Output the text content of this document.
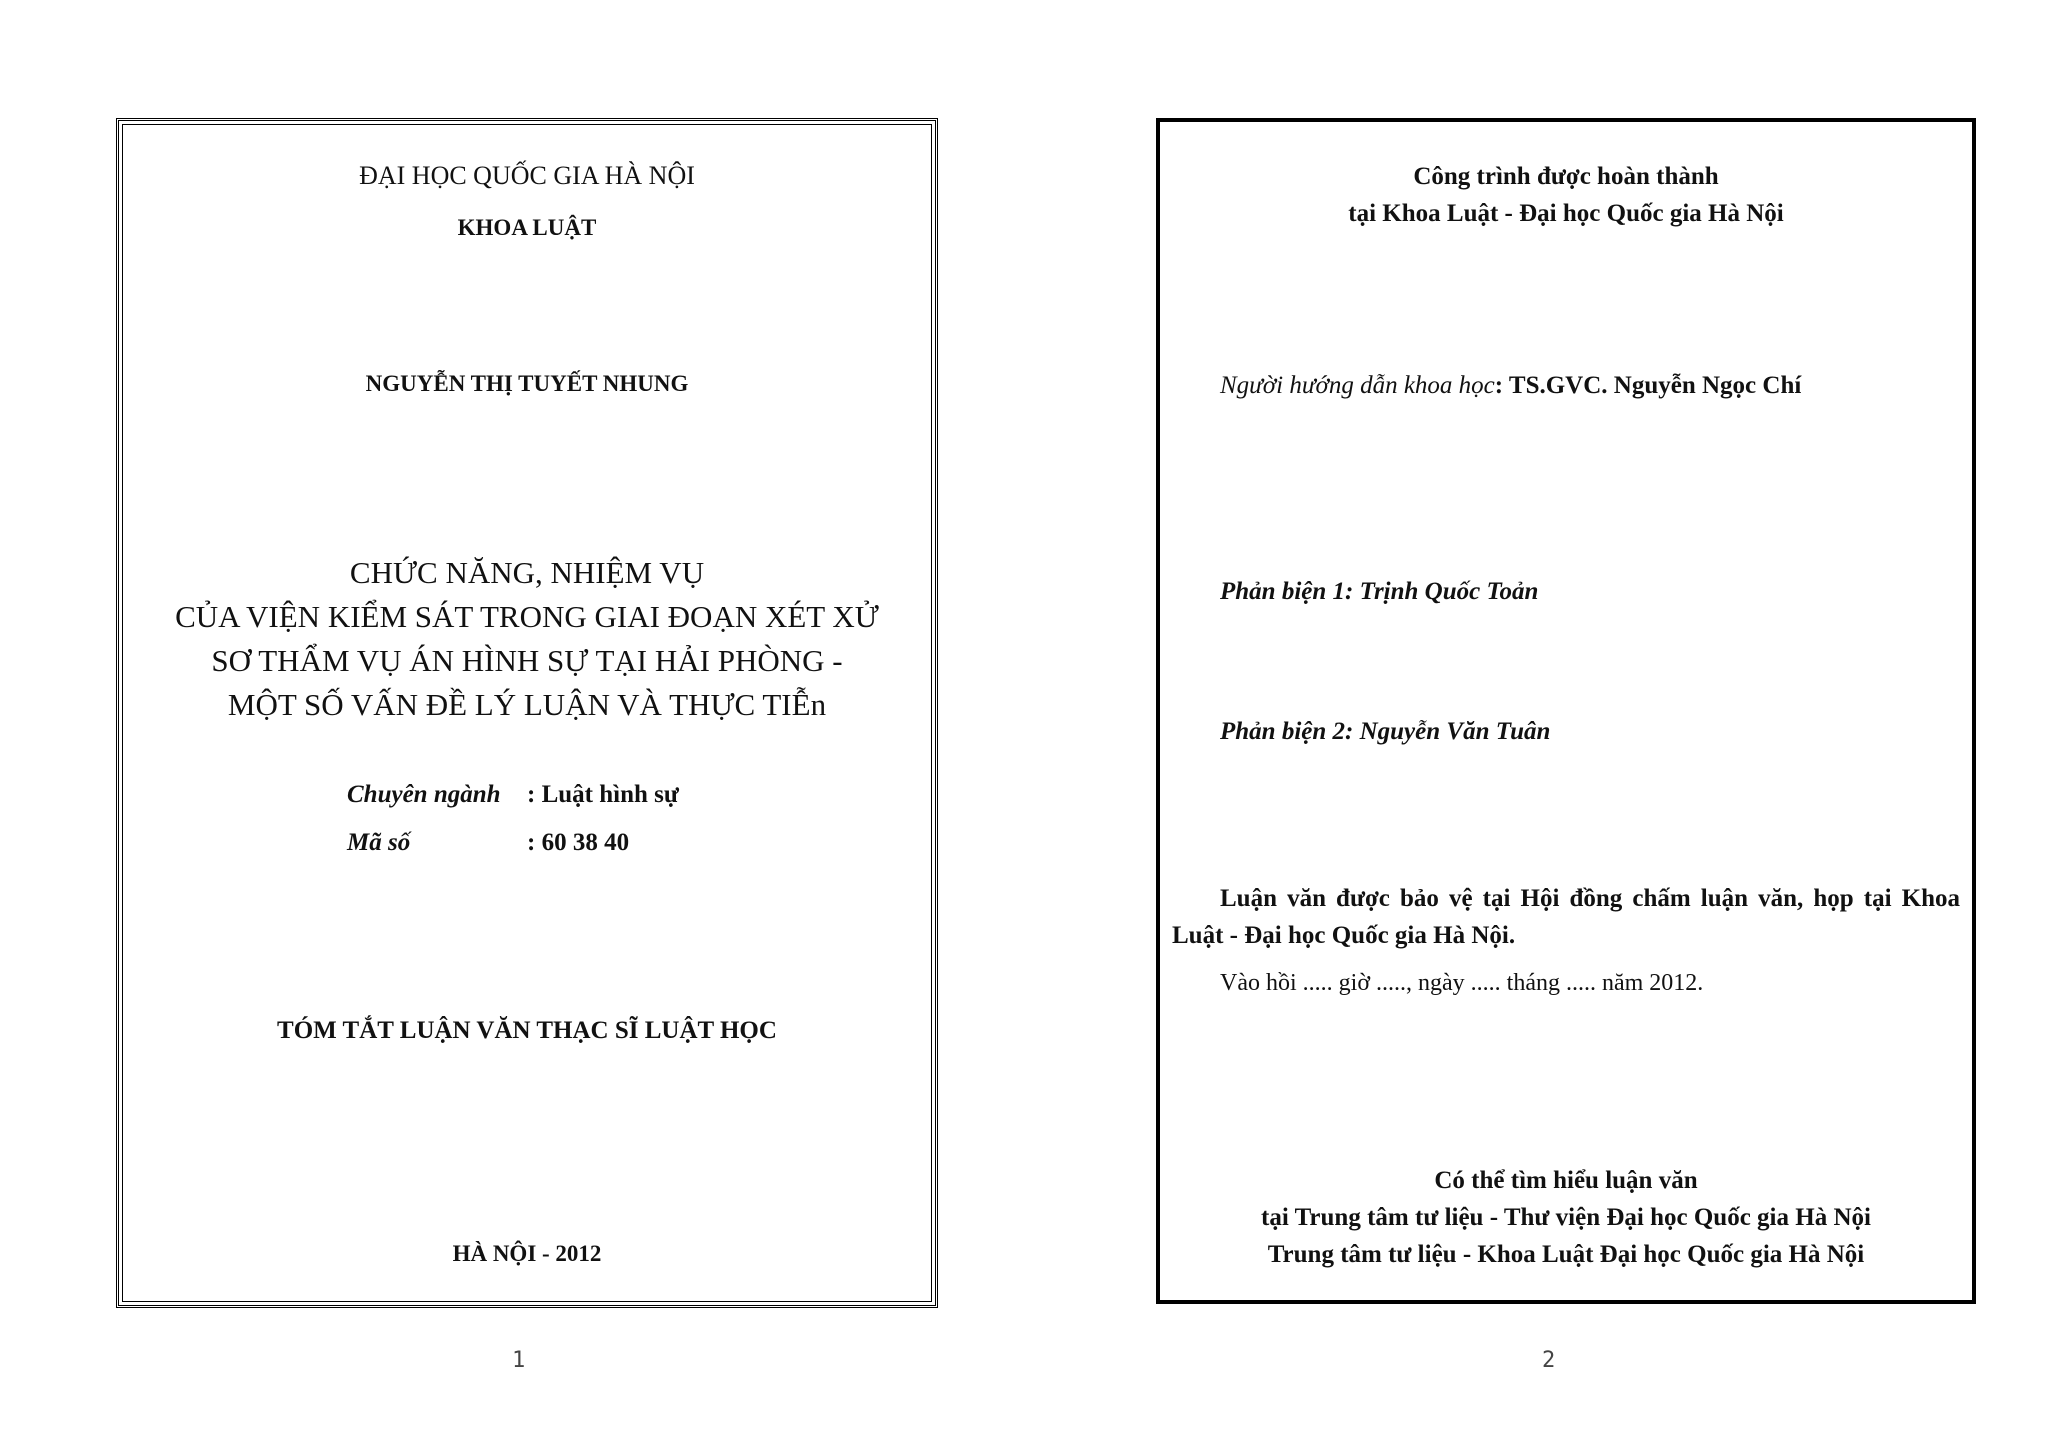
ĐẠI HỌC QUỐC GIA HÀ NỘI
KHOA LUẬT
NGUYỄN THỊ TUYẾT NHUNG
CHỨC NĂNG, NHIỆM VỤ
CỦA VIỆN KIỂM SÁT TRONG GIAI ĐOẠN XÉT XỬ
SƠ THẨM VỤ ÁN HÌNH SỰ TẠI HẢI PHÒNG -
MỘT SỐ VẤN ĐỀ LÝ LUẬN VÀ THỰC TIỄn
Chuyên ngành : Luật hình sự
Mã số	: 60 38 40
TÓM TẮT LUẬN VĂN THẠC SĨ LUẬT HỌC
HÀ NỘI - 2012
1
Công trình được hoàn thành
tại Khoa Luật - Đại học Quốc gia Hà Nội
Người hướng dẫn khoa học: TS.GVC. Nguyễn Ngọc Chí
Phản biện 1: Trịnh Quốc Toản
Phản biện 2: Nguyễn Văn Tuân
Luận văn được bảo vệ tại Hội đồng chấm luận văn, họp tại Khoa Luật - Đại học Quốc gia Hà Nội.
Vào hồi ..... giờ ....., ngày ..... tháng ..... năm 2012.
Có thể tìm hiểu luận văn
tại Trung tâm tư liệu - Thư viện Đại học Quốc gia Hà Nội
Trung tâm tư liệu - Khoa Luật Đại học Quốc gia Hà Nội
2
